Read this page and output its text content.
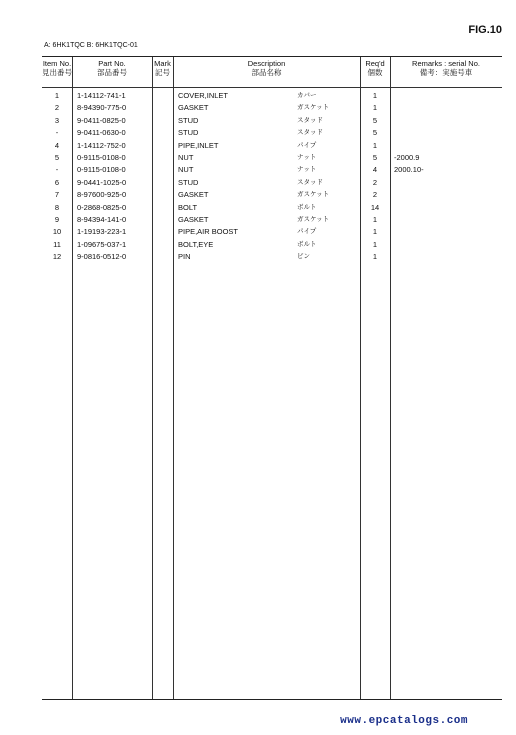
FIG.10
A: 6HK1TQC B: 6HK1TQC-01
Item No.
見出番号
Part No.
部品番号
Mark
記号
Description
部品名称
Req'd
個数
Remarks : serial No.
備考：実施号車
1	1-14112-741-1	COVER,INLET	カバー	1
2	8-94390-775-0	GASKET	ガスケット	1
3	9-0411-0825-0	STUD	スタッド	5
-	9-0411-0630-0	STUD	スタッド	5
4	1-14112-752-0	PIPE,INLET	パイプ	1
5	0-9115-0108-0	NUT	ナット	5	-2000.9
-	0-9115-0108-0	NUT	ナット	4	2000.10-
6	9-0441-1025-0	STUD	スタッド	2
7	8-97600-925-0	GASKET	ガスケット	2
8	0-2868-0825-0	BOLT	ボルト	14
9	8-94394-141-0	GASKET	ガスケット	1
10	1-19193-223-1	PIPE,AIR BOOST	パイプ	1
11	1-09675-037-1	BOLT,EYE	ボルト	1
12	9-0816-0512-0	PIN	ピン	1
www.epcatalogs.com
